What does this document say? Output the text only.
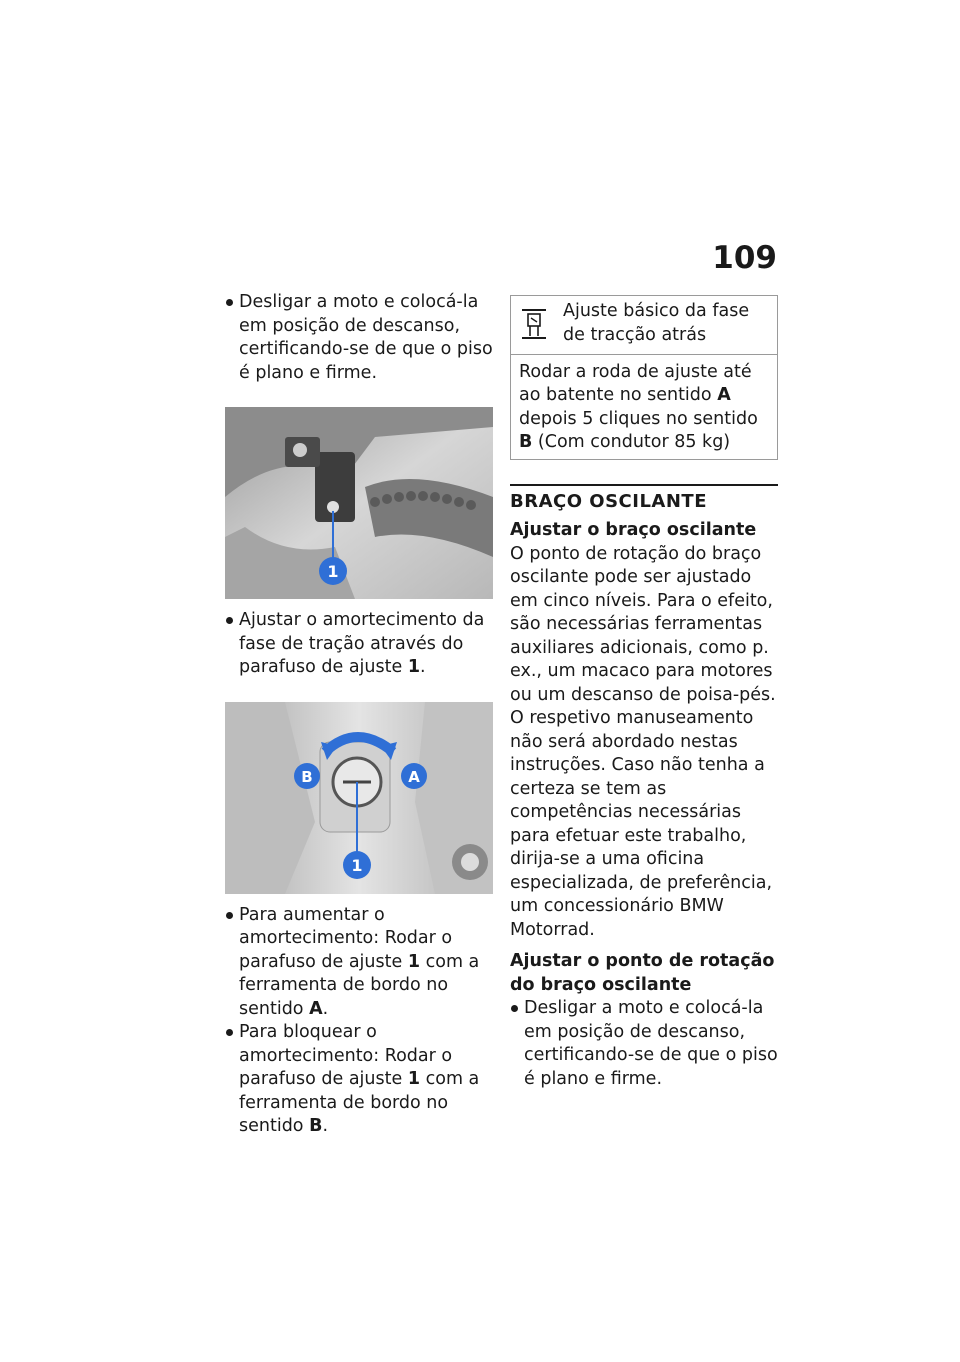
109

Desligar a moto e colocá-la em posição de descanso, certificando-se de que o piso é plano e firme.

1

Ajustar o amortecimento da fase de tração através do parafuso de ajuste 1.

B	A
1

Para aumentar o amortecimento: Rodar o parafuso de ajuste 1 com a ferramenta de bordo no sentido A.

Para bloquear o amortecimento: Rodar o parafuso de ajuste 1 com a ferramenta de bordo no sentido B.

Ajuste básico da fase de tracção atrás
Rodar a roda de ajuste até ao batente no sentido A depois 5 cliques no sentido B (Com condutor 85 kg)
BRAÇO OSCILANTE
Ajustar o braço oscilante

O ponto de rotação do braço oscilante pode ser ajustado em cinco níveis. Para o efeito, são necessárias ferramentas auxiliares adicionais, como p. ex., um macaco para motores ou um descanso de poisa-pés. O respetivo manuseamento não será abordado nestas instruções. Caso não tenha a certeza se tem as competências necessárias para efetuar este trabalho, dirija-se a uma oficina especializada, de preferência, um concessionário BMW Motorrad.

Ajustar o ponto de rotação do braço oscilante

Desligar a moto e colocá-la em posição de descanso, certificando-se de que o piso é plano e firme.
